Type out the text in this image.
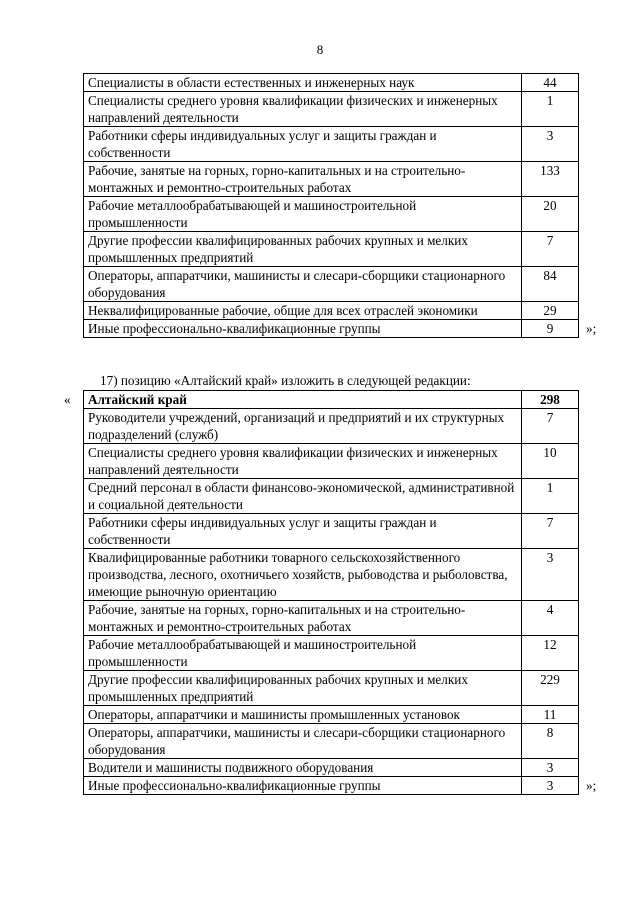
8
Специалисты в области естественных и инженерных наук	44
Специалисты среднего уровня квалификации физических и инженерных направлений деятельности	1
Работники сферы индивидуальных услуг и защиты граждан и собственности	3
Рабочие, занятые на горных, горно-капитальных и на строительно-монтажных и ремонтно-строительных работах	133
Рабочие металлообрабатывающей и машиностроительной промышленности	20
Другие профессии квалифицированных рабочих крупных и мелких промышленных предприятий	7
Операторы, аппаратчики, машинисты и слесари-сборщики стационарного оборудования	84
Неквалифицированные рабочие, общие для всех отраслей экономики	29
Иные профессионально-квалификационные группы	9 »;
17) позицию «Алтайский край» изложить в следующей редакции:
« Алтайский край	298
Руководители учреждений, организаций и предприятий и их структурных подразделений (служб)	7
Специалисты среднего уровня квалификации физических и инженерных направлений деятельности	10
Средний персонал в области финансово-экономической, административной и социальной деятельности	1
Работники сферы индивидуальных услуг и защиты граждан и собственности	7
Квалифицированные работники товарного сельскохозяйственного производства, лесного, охотничьего хозяйств, рыбоводства и рыболовства, имеющие рыночную ориентацию	3
Рабочие, занятые на горных, горно-капитальных и на строительно-монтажных и ремонтно-строительных работах	4
Рабочие металлообрабатывающей и машиностроительной промышленности	12
Другие профессии квалифицированных рабочих крупных и мелких промышленных предприятий	229
Операторы, аппаратчики и машинисты промышленных установок	11
Операторы, аппаратчики, машинисты и слесари-сборщики стационарного оборудования	8
Водители и машинисты подвижного оборудования	3
Иные профессионально-квалификационные группы	3 »;
